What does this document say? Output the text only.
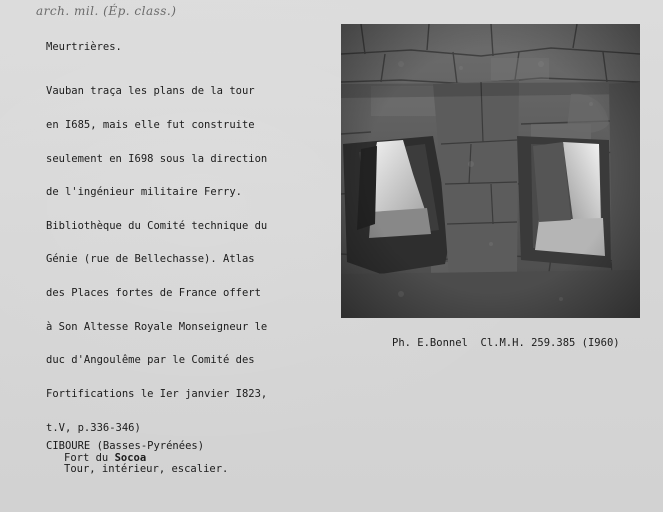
arch. mil. (Ép. class.)
Meurtrières.

Vauban traça les plans de la tour

en I685, mais elle fut construite

seulement en I698 sous la direction

de l'ingénieur militaire Ferry.

Bibliothèque du Comité technique du

Génie (rue de Bellechasse). Atlas

des Places fortes de France offert

à Son Altesse Royale Monseigneur le

duc d'Angoulême par le Comité des

Fortifications le Ier janvier I823,

t.V, p.336-346)

Ph. E.Bonnel Cl.M.H. 259.385 (I960)
CIBOURE (Basses-Pyrénées)
Fort du Socoa
Tour, intérieur, escalier.
